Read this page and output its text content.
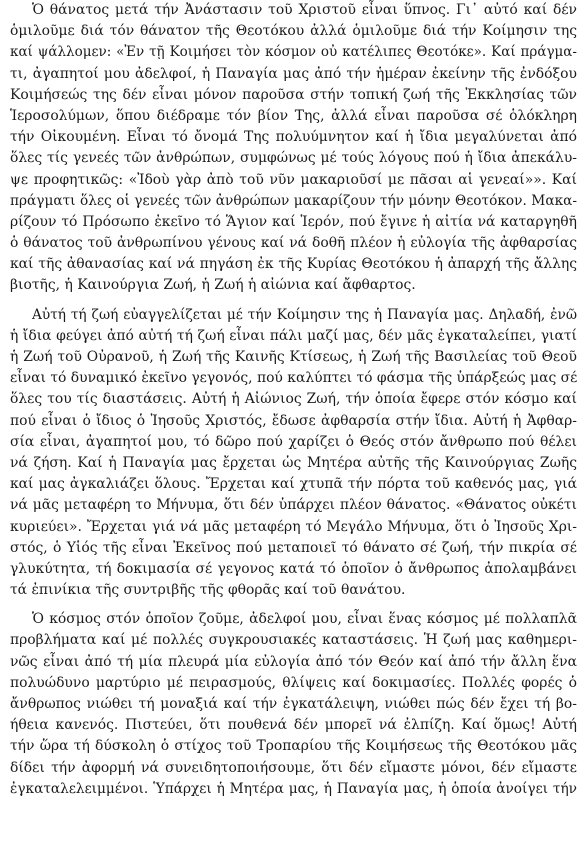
Ὁ θάνατος μετά τήν Ἀνάστασιν τοῦ Χριστοῦ εἶναι ὕπνος. Γι᾽ αὐτό καί δέν
ὁμιλοῦμε διά τόν θάνατον τῆς Θεοτόκου ἀλλά ὁμιλοῦμε διά τήν Κοίμησιν της
καί ψάλλομεν: «Ἐν τῇ Κοιμήσει τὸν κόσμον οὐ κατέλιπες Θεοτόκε». Καί πράγμα-
τι, ἀγαπητοί μου ἀδελφοί, ἡ Παναγία μας ἀπό τήν ἡμέραν ἐκείνην τῆς ἐνδόξου
Κοιμήσεώς της δέν εἶναι μόνον παροῦσα στήν τοπική ζωή τῆς Ἐκκλησίας τῶν
Ἱεροσολύμων, ὅπου διέδραμε τόν βίον Της, ἀλλά εἶναι παροῦσα σέ ὁλόκληρη
τήν Οἰκουμένη. Εἶναι τό ὄνομά Της πολυύμνητον καί ἡ ἴδια μεγαλύνεται ἀπό
ὅλες τίς γενεές τῶν ἀνθρώπων, συμφώνως μέ τούς λόγους πού ἡ ἴδια ἀπεκάλυ-
ψε προφητικῶς: «Ἰδοὺ γὰρ ἀπὸ τοῦ νῦν μακαριοῦσί με πᾶσαι αἱ γενεαί»». Καί
πράγματι ὅλες οἱ γενεές τῶν ἀνθρώπων μακαρίζουν τήν μόνην Θεοτόκον. Μακα-
ρίζουν τό Πρόσωπο ἐκεῖνο τό Ἅγιον καί Ἱερόν, πού ἔγινε ἡ αἰτία νά καταργηθῆ
ὁ θάνατος τοῦ ἀνθρωπίνου γένους καί νά δοθῆ πλέον ἡ εὐλογία τῆς ἀφθαρσίας
καί τῆς ἀθανασίας καί νά πηγάση ἐκ τῆς Κυρίας Θεοτόκου ἡ ἀπαρχή τῆς ἄλλης
βιοτῆς, ἡ Καινούργια Ζωή, ἡ Ζωή ἡ αἰώνια καί ἄφθαρτος.
Αὐτή τή ζωή εὐαγγελίζεται μέ τήν Κοίμησιν της ἡ Παναγία μας. Δηλαδή, ἐνῶ
ἡ ἴδια φεύγει ἀπό αὐτή τή ζωή εἶναι πάλι μαζί μας, δέν μᾶς ἐγκαταλείπει, γιατί
ἡ Ζωή τοῦ Οὐρανοῦ, ἡ Ζωή τῆς Καινῆς Κτίσεως, ἡ Ζωή τῆς Βασιλείας τοῦ Θεοῦ
εἶναι τό δυναμικό ἐκεῖνο γεγονός, πού καλύπτει τό φάσμα τῆς ὑπάρξεώς μας σέ
ὅλες του τίς διαστάσεις. Αὐτή ἡ Αἰώνιος Ζωή, τήν ὁποία ἔφερε στόν κόσμο καί
πού εἶναι ὁ ἴδιος ὁ Ἰησοῦς Χριστός, ἔδωσε ἀφθαρσία στήν ἴδια. Αὐτή ἡ Ἀφθαρ-
σία εἶναι, ἀγαπητοί μου, τό δῶρο πού χαρίζει ὁ Θεός στόν ἄνθρωπο πού θέλει
νά ζήση. Καί ἡ Παναγία μας ἔρχεται ὡς Μητέρα αὐτῆς τῆς Καινούργιας Ζωῆς
καί μας ἀγκαλιάζει ὅλους. Ἔρχεται καί χτυπᾶ τήν πόρτα τοῦ καθενός μας, γιά
νά μᾶς μεταφέρη το Μήνυμα, ὅτι δέν ὑπάρχει πλέον θάνατος. «Θάνατος οὐκέτι
κυριεύει». Ἔρχεται γιά νά μᾶς μεταφέρη τό Μεγάλο Μήνυμα, ὅτι ὁ Ἰησοῦς Χρι-
στός, ὁ Υἱός τῆς εἶναι Ἐκεῖνος πού μεταποιεῖ τό θάνατο σέ ζωή, τήν πικρία σέ
γλυκύτητα, τή δοκιμασία σέ γεγονος κατά τό ὁποῖον ὁ ἄνθρωπος ἀπολαμβάνει
τά ἐπινίκια τῆς συντριβῆς τῆς φθορᾶς καί τοῦ θανάτου.
Ὁ κόσμος στόν ὁποῖον ζοῦμε, ἀδελφοί μου, εἶναι ἕνας κόσμος μέ πολλαπλᾶ
προβλήματα καί μέ πολλές συγκρουσιακές καταστάσεις. Ἡ ζωή μας καθημερι-
νῶς εἶναι ἀπό τή μία πλευρά μία εὐλογία ἀπό τόν Θεόν καί ἀπό τήν ἄλλη ἕνα
πολυώδυνο μαρτύριο μέ πειρασμούς, θλίψεις καί δοκιμασίες. Πολλές φορές ὁ
ἄνθρωπος νιώθει τή μοναξιά καί τήν ἐγκατάλειψη, νιώθει πώς δέν ἔχει τή βο-
ήθεια κανενός. Πιστεύει, ὅτι πουθενά δέν μπορεῖ νά ἐλπίζη. Καί ὅμως! Αὐτή
τήν ὥρα τή δύσκολη ὁ στίχος τοῦ Τροπαρίου τῆς Κοιμήσεως τῆς Θεοτόκου μᾶς
δίδει τήν ἀφορμή νά συνειδητοποιήσουμε, ὅτι δέν εἴμαστε μόνοι, δέν εἴμαστε
ἐγκαταλελειμμένοι. Ὑπάρχει ἡ Μητέρα μας, ἡ Παναγία μας, ἡ ὁποία ἀνοίγει τήν
